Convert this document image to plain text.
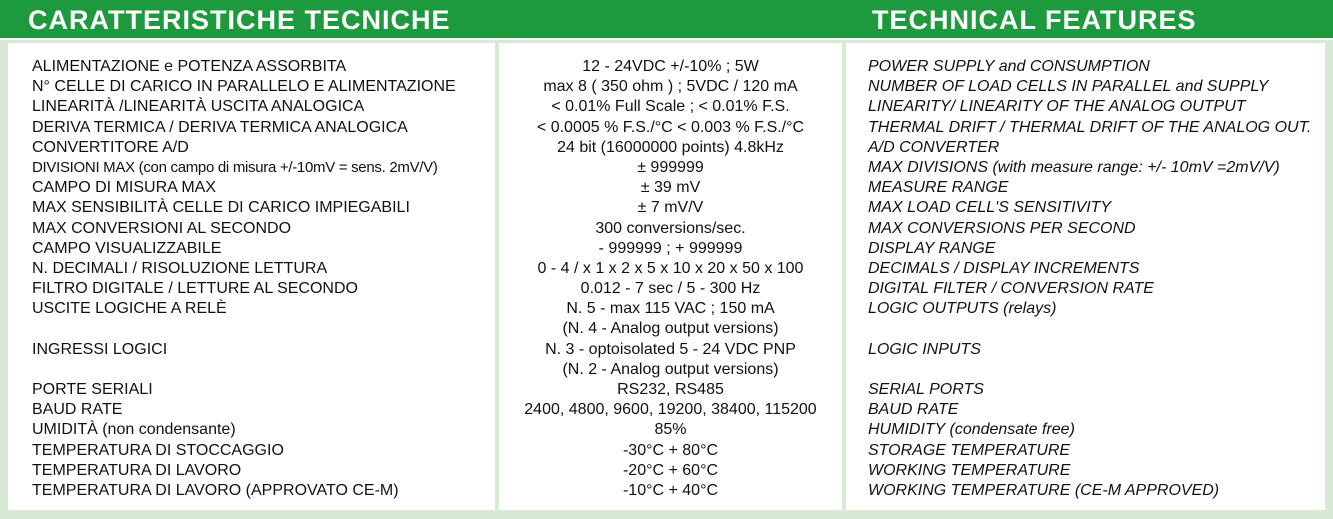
CARATTERISTICHE TECNICHE	TECHNICAL FEATURES
ALIMENTAZIONE e POTENZA ASSORBITA
N° CELLE DI CARICO IN PARALLELO E ALIMENTAZIONE
LINEARITÀ /LINEARITÀ USCITA ANALOGICA
DERIVA TERMICA / DERIVA TERMICA ANALOGICA
CONVERTITORE A/D
DIVISIONI MAX (con campo di misura +/-10mV = sens. 2mV/V)
CAMPO DI MISURA MAX
MAX SENSIBILITÀ CELLE DI CARICO IMPIEGABILI
MAX CONVERSIONI AL SECONDO
CAMPO VISUALIZZABILE
N. DECIMALI / RISOLUZIONE LETTURA
FILTRO DIGITALE / LETTURE AL SECONDO
USCITE LOGICHE A RELÈ
INGRESSI LOGICI
PORTE SERIALI
BAUD RATE
UMIDITÀ (non condensante)
TEMPERATURA DI STOCCAGGIO
TEMPERATURA DI LAVORO
TEMPERATURA DI LAVORO (APPROVATO CE-M)
12 - 24VDC +/-10% ; 5W
max 8 ( 350 ohm ) ; 5VDC / 120 mA
< 0.01% Full Scale ; < 0.01% F.S.
< 0.0005 % F.S./°C < 0.003 % F.S./°C
24 bit (16000000 points) 4.8kHz
± 999999
± 39 mV
± 7 mV/V
300 conversions/sec.
- 999999 ; + 999999
0 - 4 / x 1 x 2 x 5 x 10 x 20 x 50 x 100
0.012 - 7 sec / 5 - 300 Hz
N. 5 - max 115 VAC ; 150 mA
(N. 4 - Analog output versions)
N. 3 - optoisolated 5 - 24 VDC PNP
(N. 2 - Analog output versions)
RS232, RS485
2400, 4800, 9600, 19200, 38400, 115200
85%
-30°C + 80°C
-20°C + 60°C
-10°C + 40°C
POWER SUPPLY and CONSUMPTION
NUMBER OF LOAD CELLS IN PARALLEL and SUPPLY
LINEARITY/ LINEARITY OF THE ANALOG OUTPUT
THERMAL DRIFT / THERMAL DRIFT OF THE ANALOG OUT.
A/D CONVERTER
MAX DIVISIONS (with measure range: +/- 10mV =2mV/V)
MEASURE RANGE
MAX LOAD CELL'S SENSITIVITY
MAX CONVERSIONS PER SECOND
DISPLAY RANGE
DECIMALS / DISPLAY INCREMENTS
DIGITAL FILTER / CONVERSION RATE
LOGIC OUTPUTS (relays)
LOGIC INPUTS
SERIAL PORTS
BAUD RATE
HUMIDITY (condensate free)
STORAGE TEMPERATURE
WORKING TEMPERATURE
WORKING TEMPERATURE (CE-M APPROVED)
